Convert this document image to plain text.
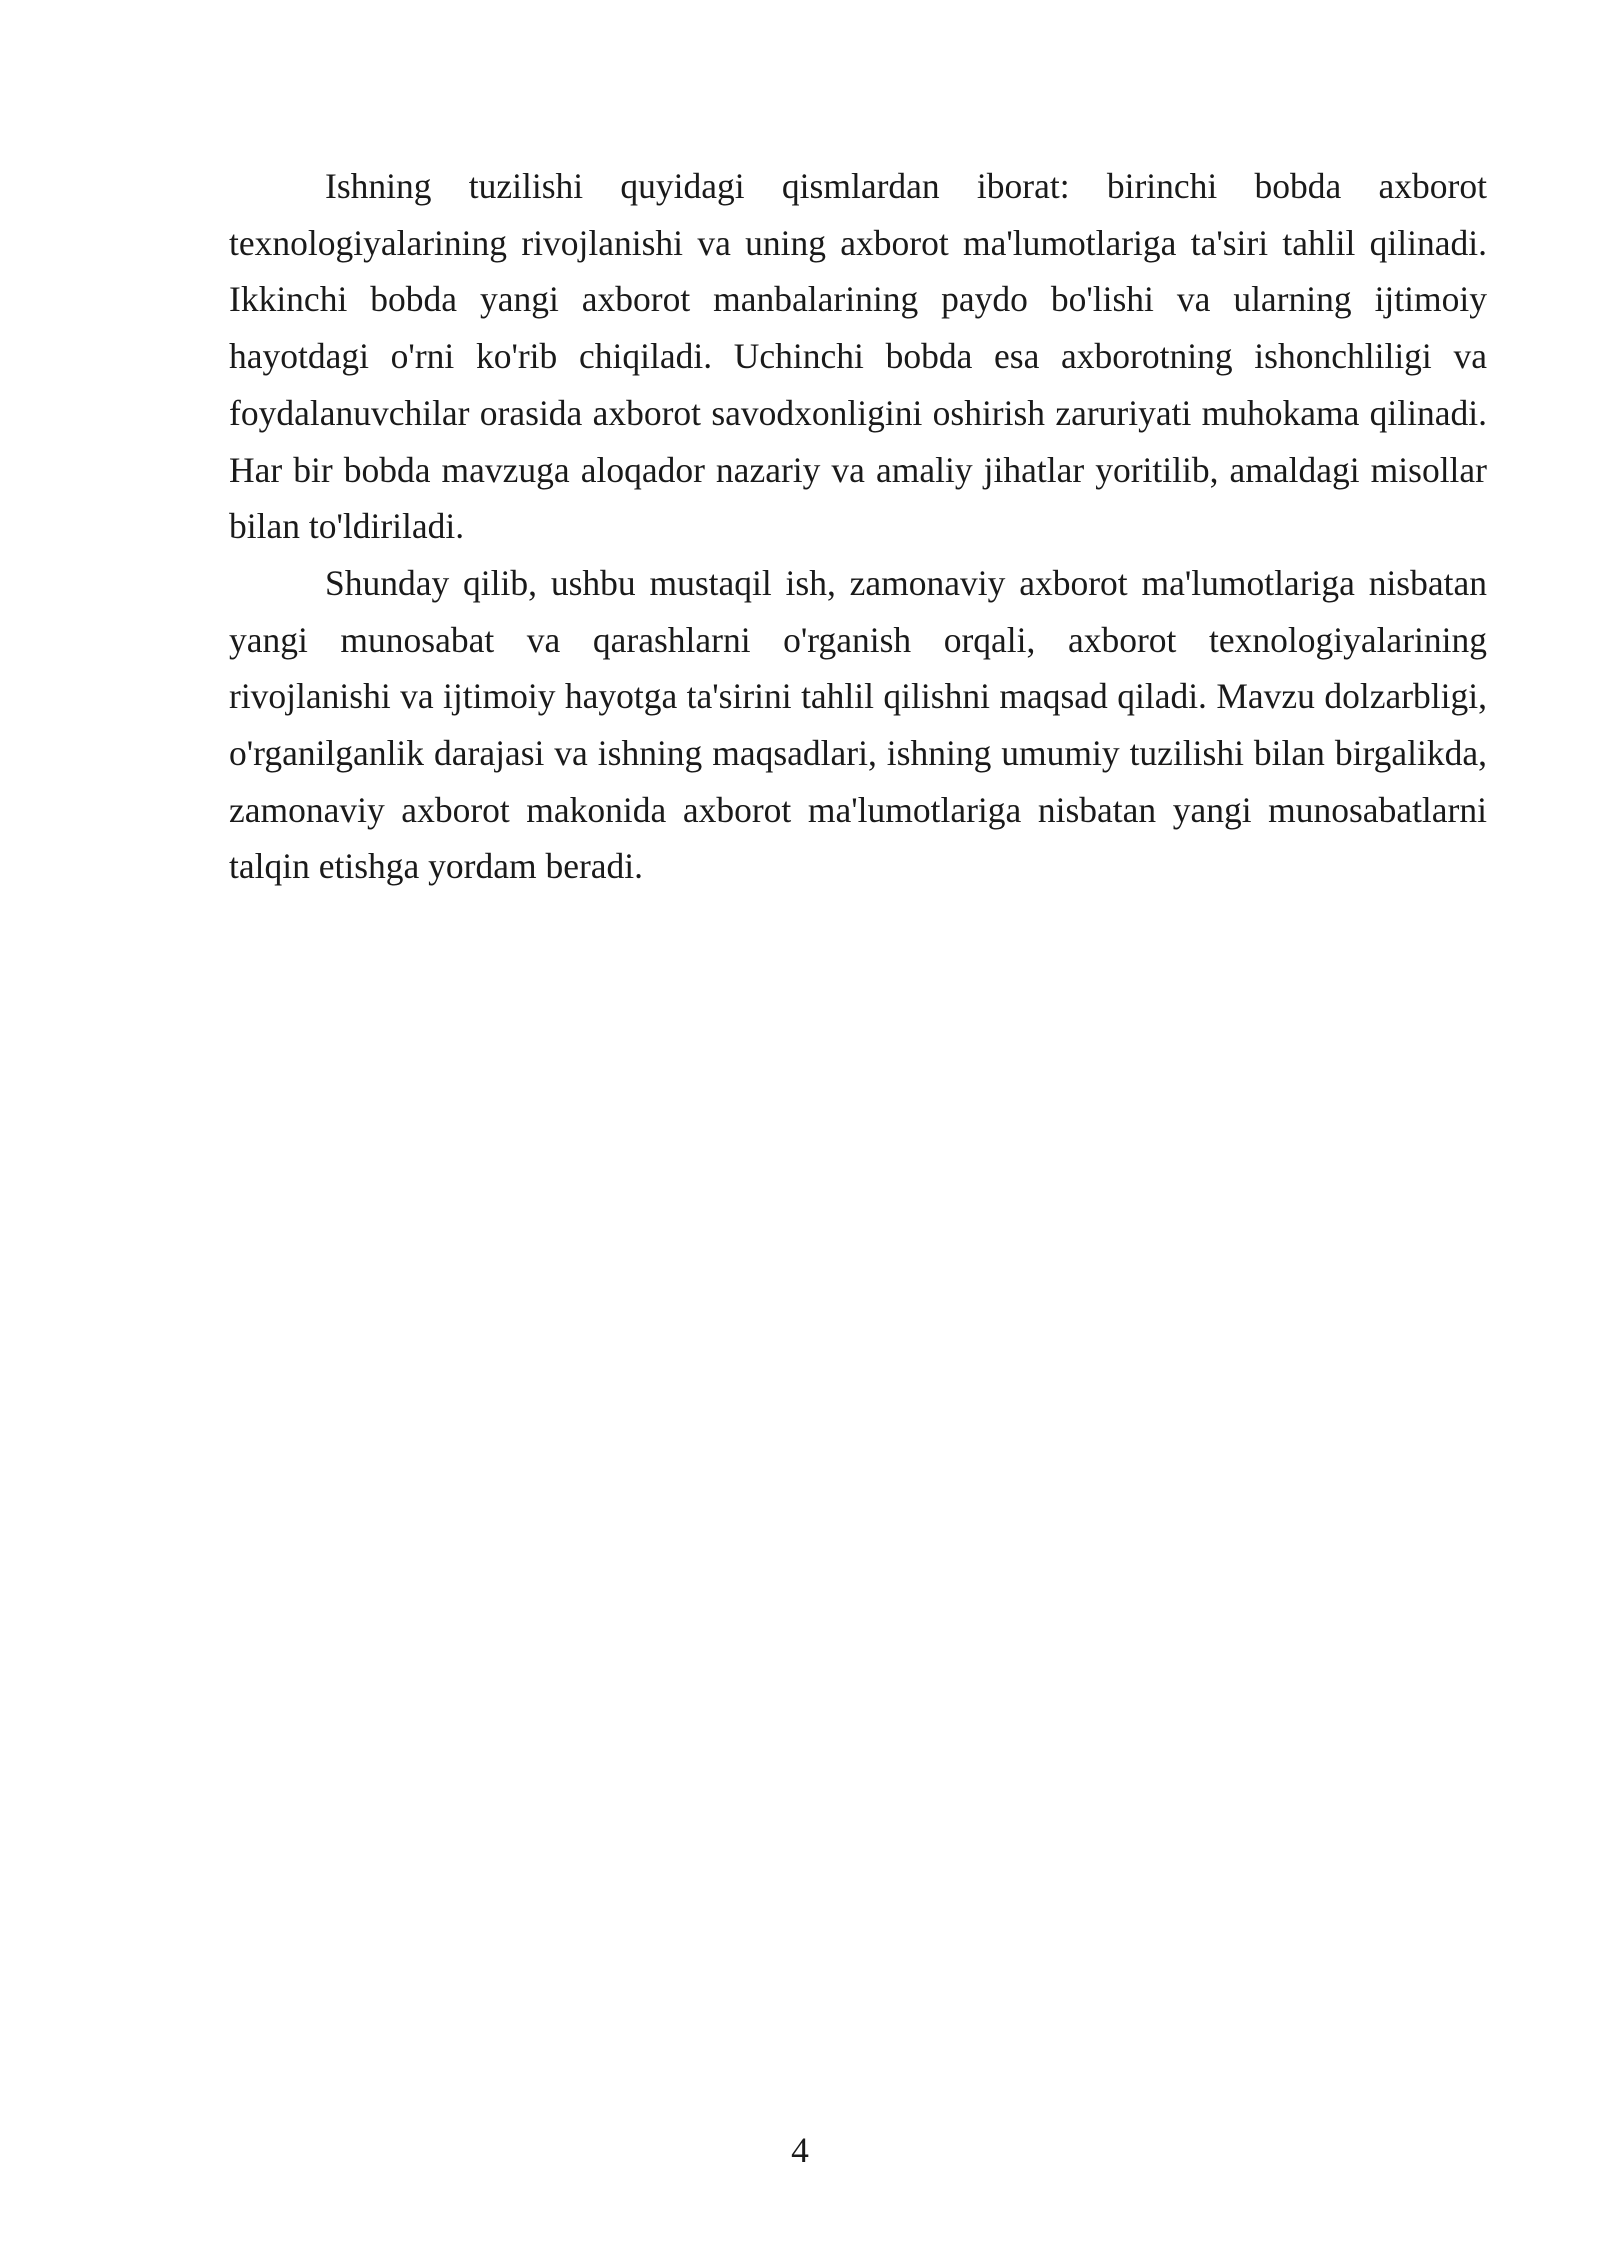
Ishning tuzilishi quyidagi qismlardan iborat: birinchi bobda axborot texnologiyalarining rivojlanishi va uning axborot ma'lumotlariga ta'siri tahlil qilinadi. Ikkinchi bobda yangi axborot manbalarining paydo bo'lishi va ularning ijtimoiy hayotdagi o'rni ko'rib chiqiladi. Uchinchi bobda esa axborotning ishonchliligi va foydalanuvchilar orasida axborot savodxonligini oshirish zaruriyati muhokama qilinadi. Har bir bobda mavzuga aloqador nazariy va amaliy jihatlar yoritilib, amaldagi misollar bilan to'ldiriladi.

Shunday qilib, ushbu mustaqil ish, zamonaviy axborot ma'lumotlariga nisbatan yangi munosabat va qarashlarni o'rganish orqali, axborot texnologiyalarining rivojlanishi va ijtimoiy hayotga ta'sirini tahlil qilishni maqsad qiladi. Mavzu dolzarbligi, o'rganilganlik darajasi va ishning maqsadlari, ishning umumiy tuzilishi bilan birgalikda, zamonaviy axborot makonida axborot ma'lumotlariga nisbatan yangi munosabatlarni talqin etishga yordam beradi.

4
